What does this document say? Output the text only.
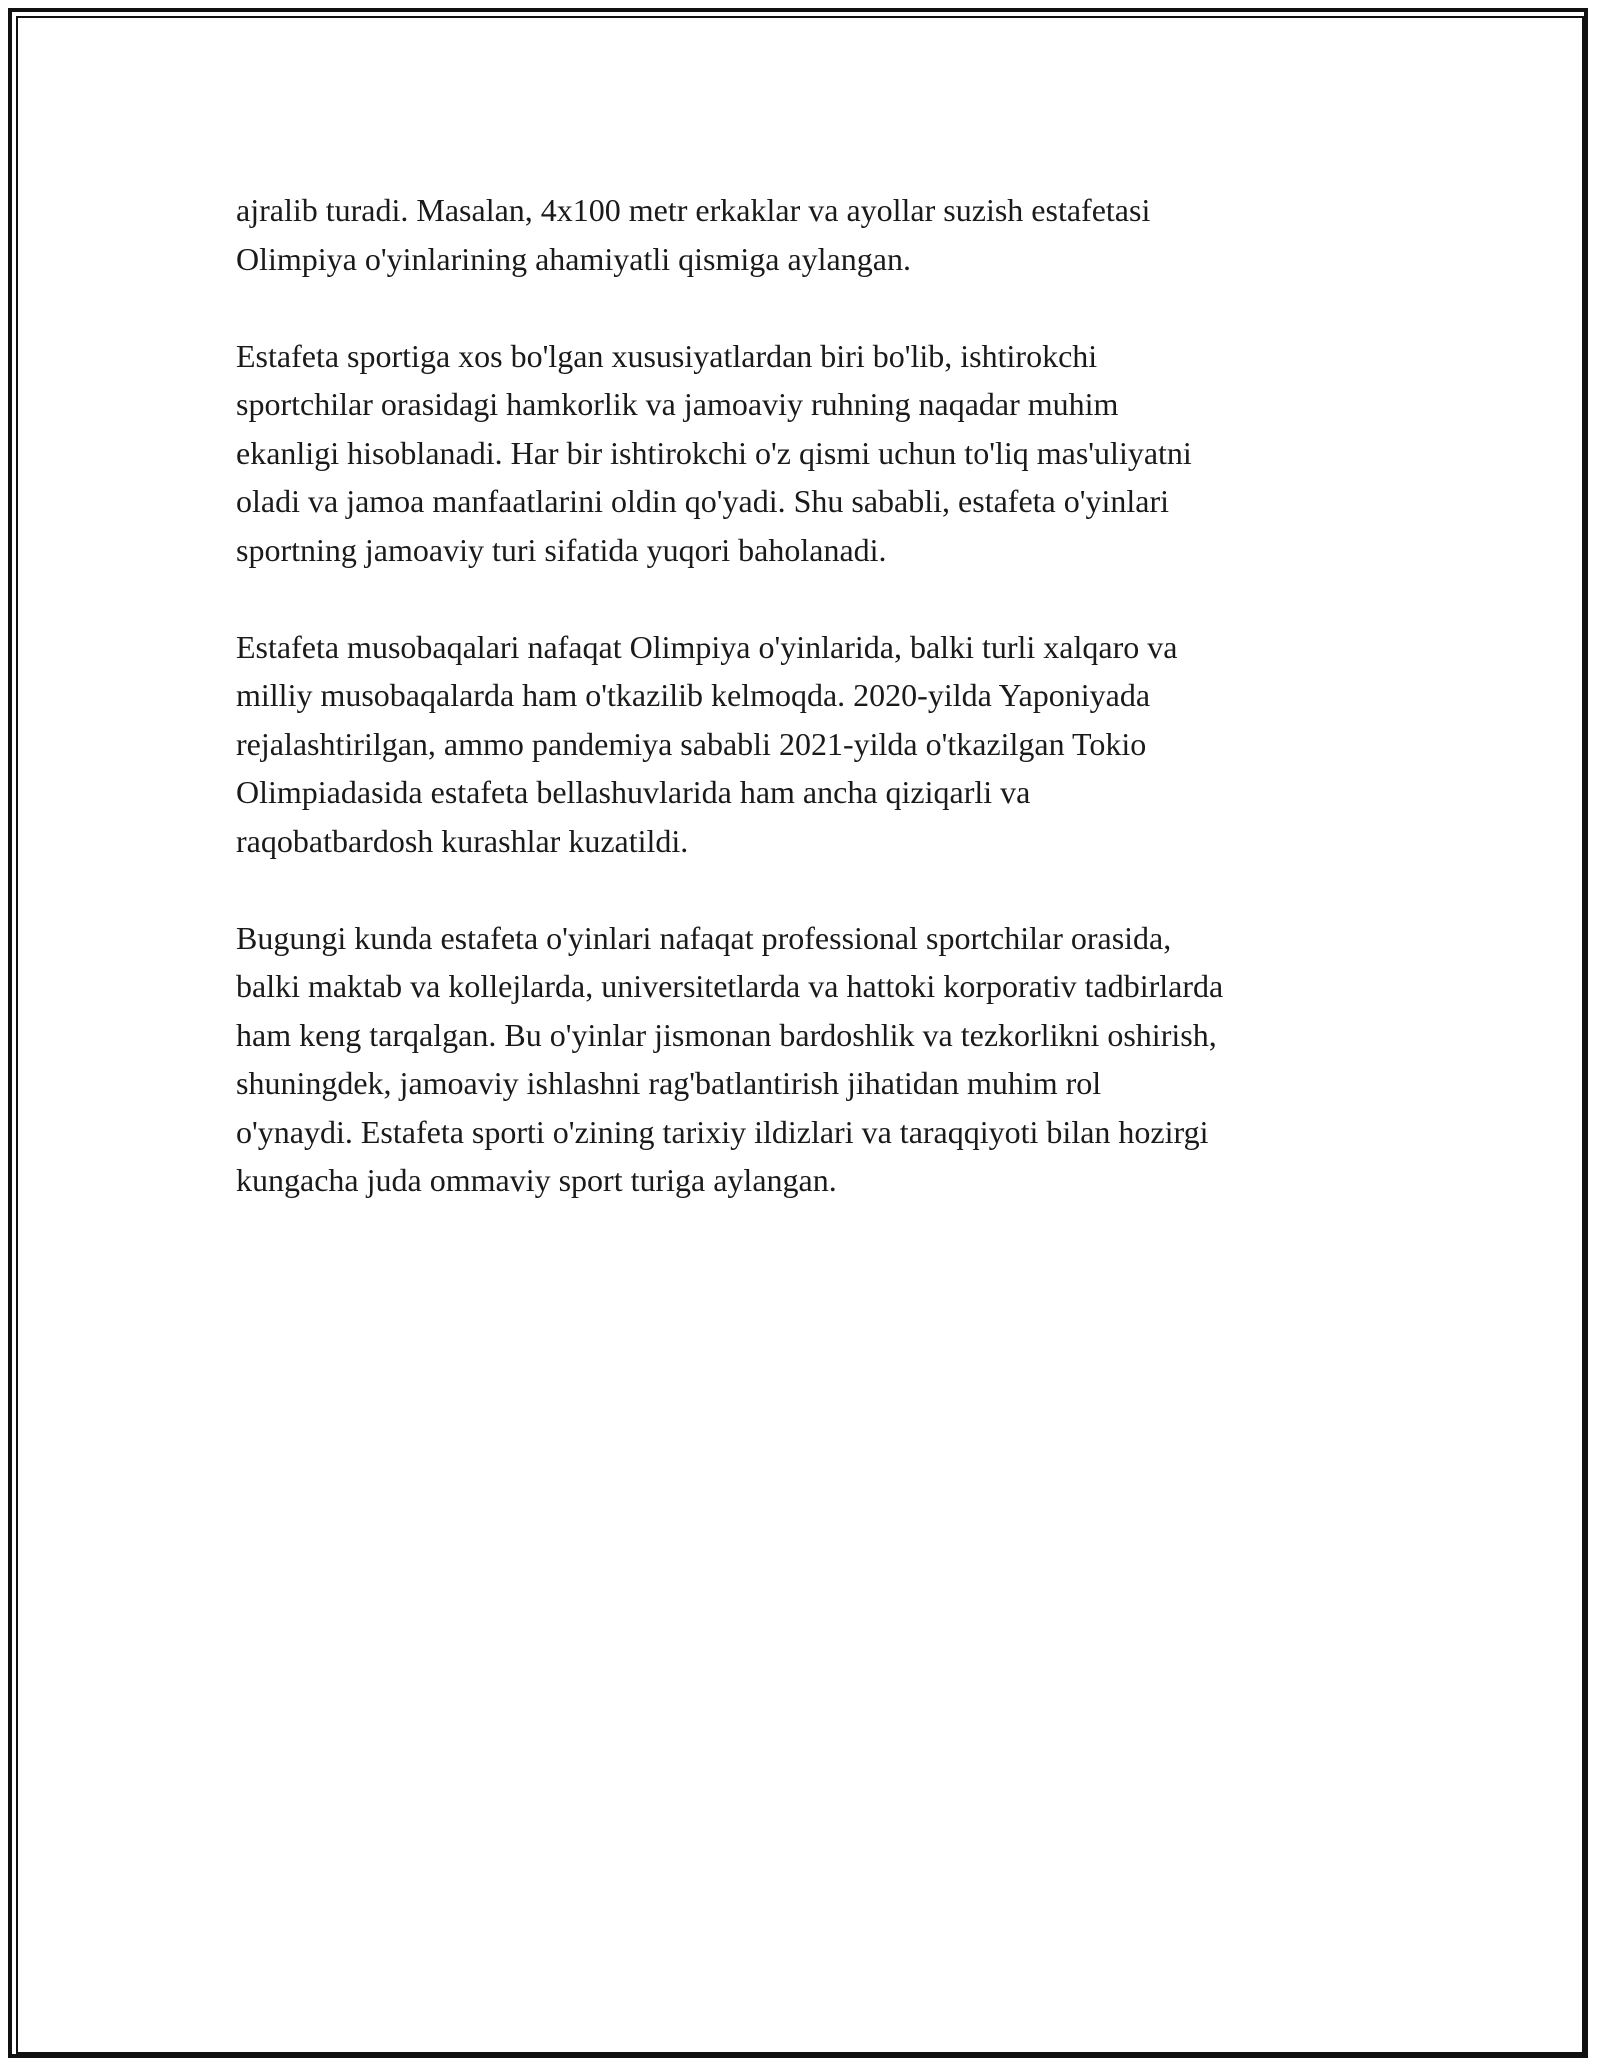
ajralib turadi. Masalan, 4x100 metr erkaklar va ayollar suzish estafetasi
Olimpiya o'yinlarining ahamiyatli qismiga aylangan.

Estafeta sportiga xos bo'lgan xususiyatlardan biri bo'lib, ishtirokchi
sportchilar orasidagi hamkorlik va jamoaviy ruhning naqadar muhim
ekanligi hisoblanadi. Har bir ishtirokchi o'z qismi uchun to'liq mas'uliyatni
oladi va jamoa manfaatlarini oldin qo'yadi. Shu sababli, estafeta o'yinlari
sportning jamoaviy turi sifatida yuqori baholanadi.

Estafeta musobaqalari nafaqat Olimpiya o'yinlarida, balki turli xalqaro va
milliy musobaqalarda ham o'tkazilib kelmoqda. 2020-yilda Yaponiyada
rejalashtirilgan, ammo pandemiya sababli 2021-yilda o'tkazilgan Tokio
Olimpiadasida estafeta bellashuvlarida ham ancha qiziqarli va
raqobatbardosh kurashlar kuzatildi.

Bugungi kunda estafeta o'yinlari nafaqat professional sportchilar orasida,
balki maktab va kollejlarda, universitetlarda va hattoki korporativ tadbirlarda
ham keng tarqalgan. Bu o'yinlar jismonan bardoshlik va tezkorlikni oshirish,
shuningdek, jamoaviy ishlashni rag'batlantirish jihatidan muhim rol
o'ynaydi. Estafeta sporti o'zining tarixiy ildizlari va taraqqiyoti bilan hozirgi
kungacha juda ommaviy sport turiga aylangan.
